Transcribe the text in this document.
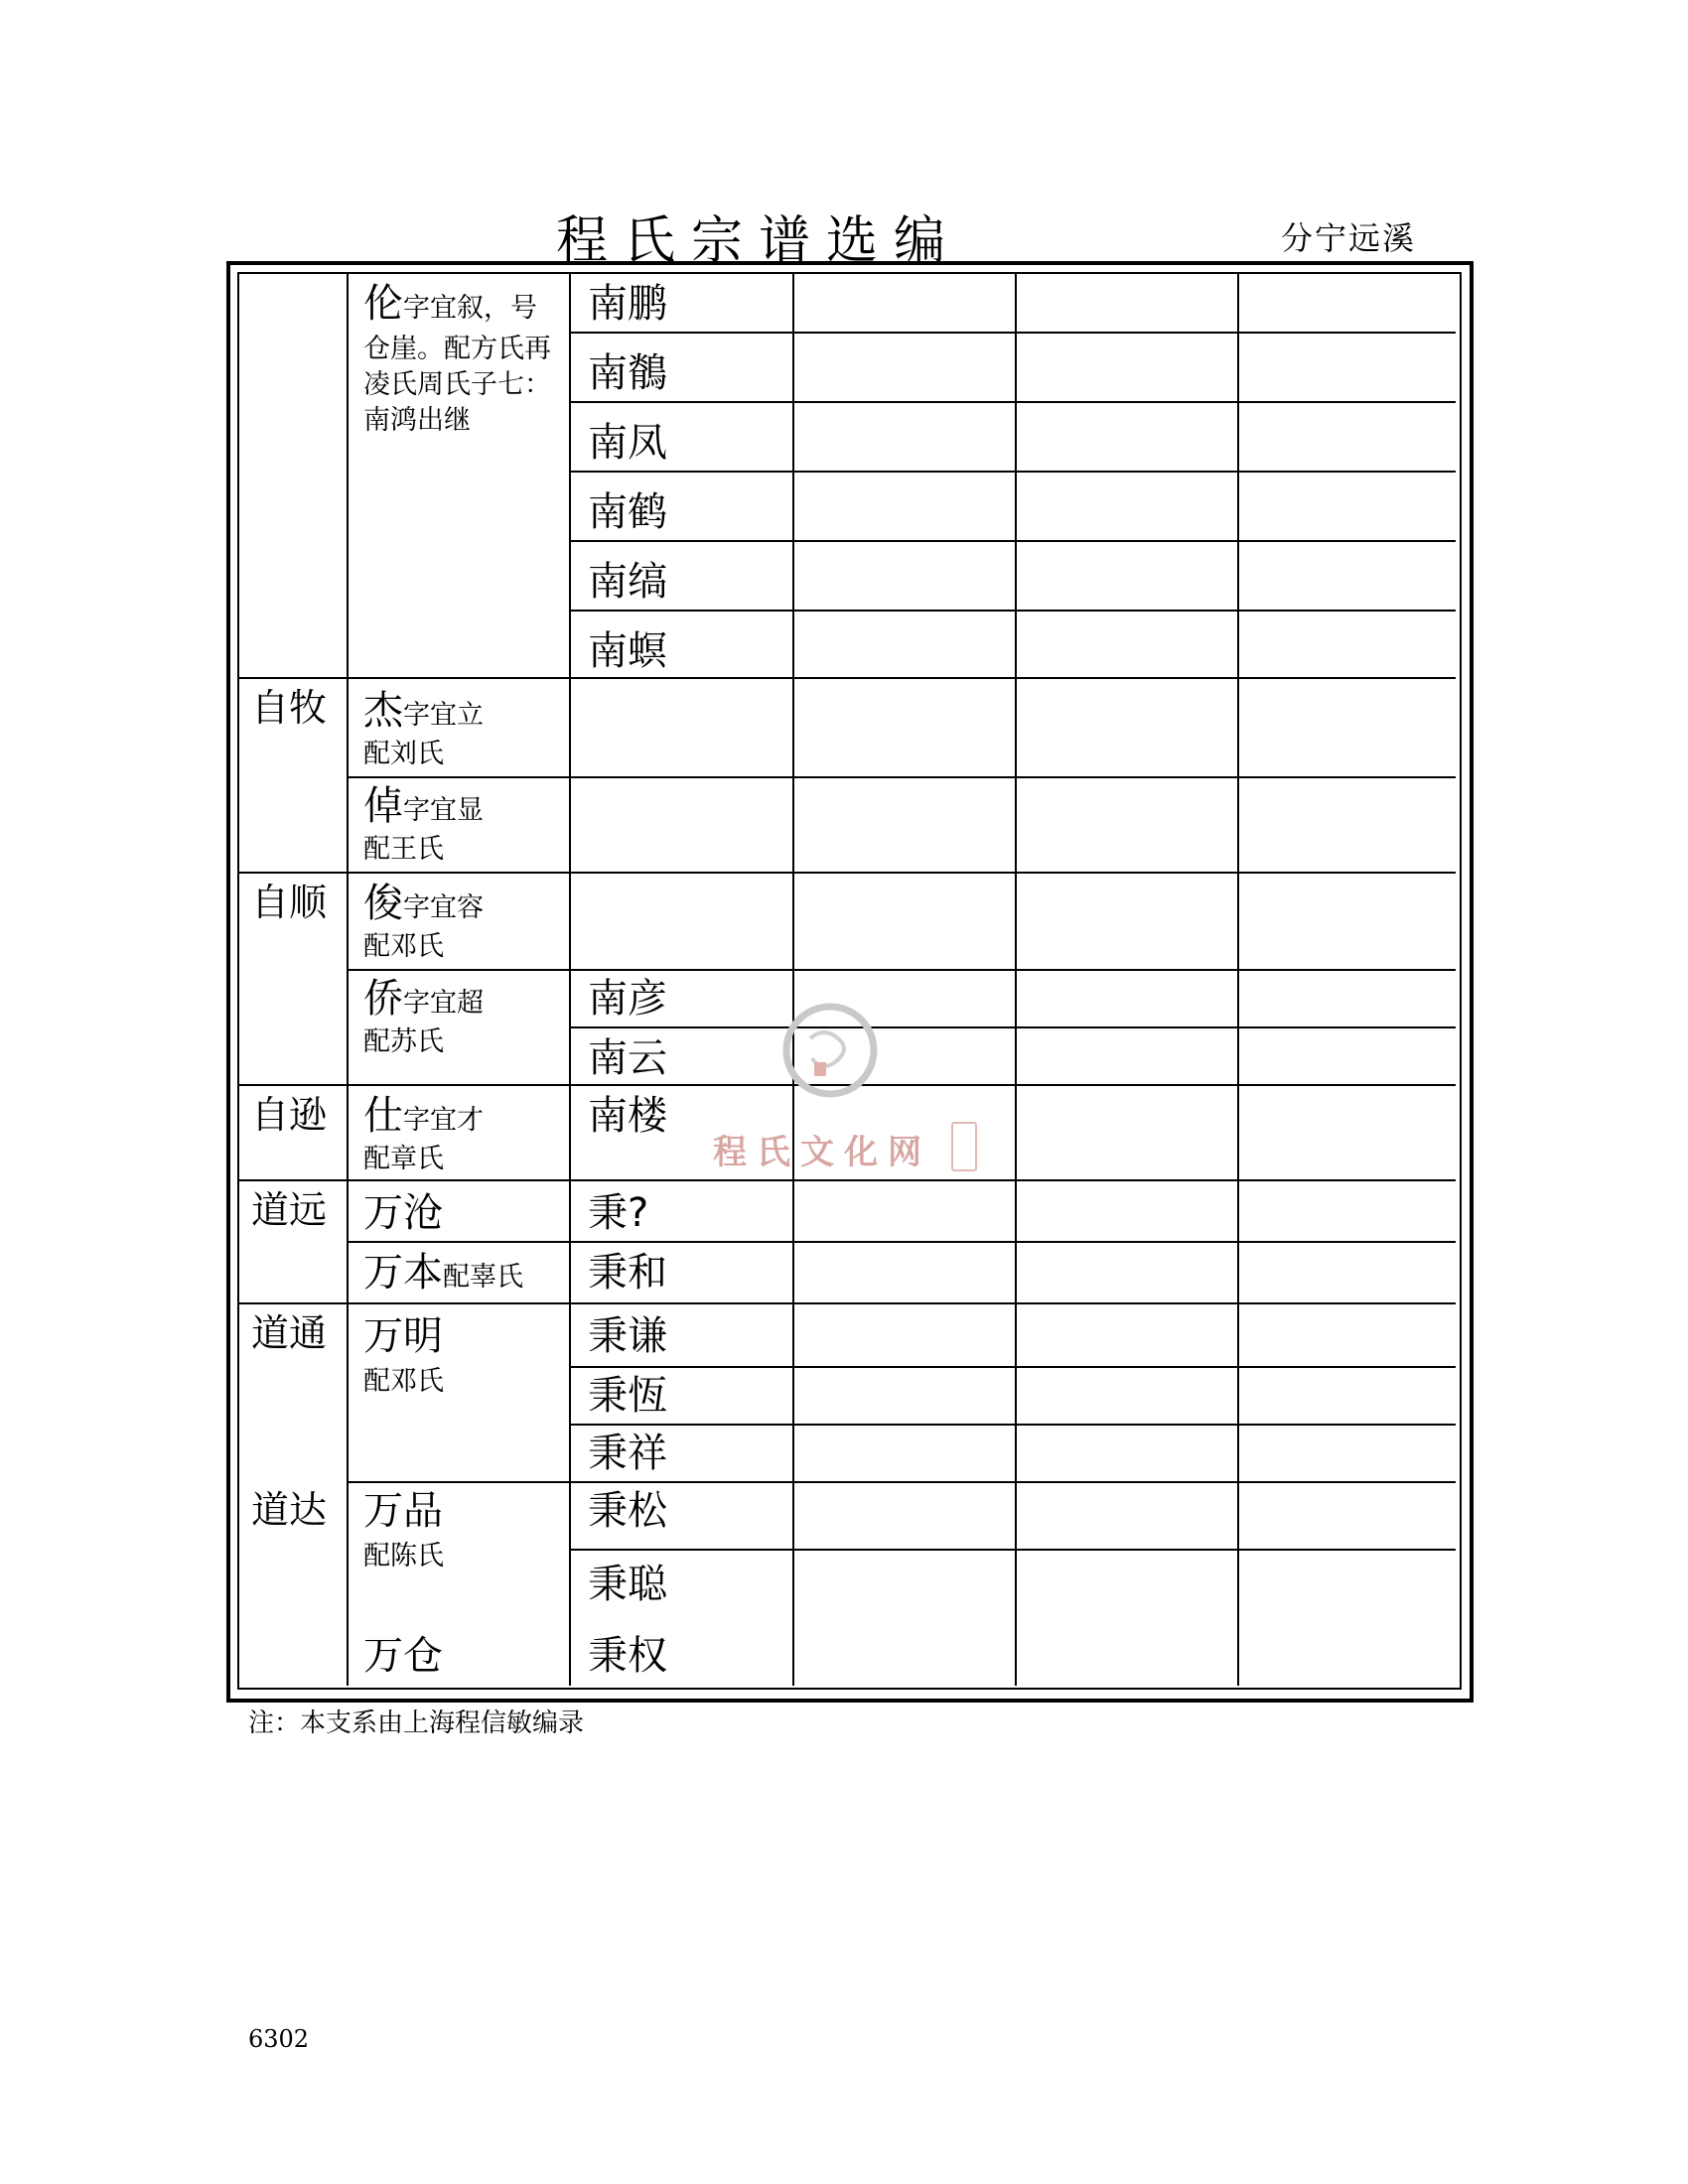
程氏宗谱选编	分宁远溪
自牧
自顺
自逊
道远
道通
道达
伦字宜叙，号
仓崖。配方氏再
凌氏周氏子七：
南鸿出继
杰字宜立
配刘氏
倬字宜显
配王氏
俊字宜容
配邓氏
侨字宜超
配苏氏
仕字宜才
配章氏
万沧
万本配辜氏
万明
配邓氏
万品
配陈氏
万仓
南鹏
南鶺
南凤
南鹤
南缟
南螟
南彦
南云
南楼
秉?
秉和
秉谦
秉恆
秉祥
秉松
秉聪
秉权
程氏文化网
注：本支系由上海程信敏编录
6302
